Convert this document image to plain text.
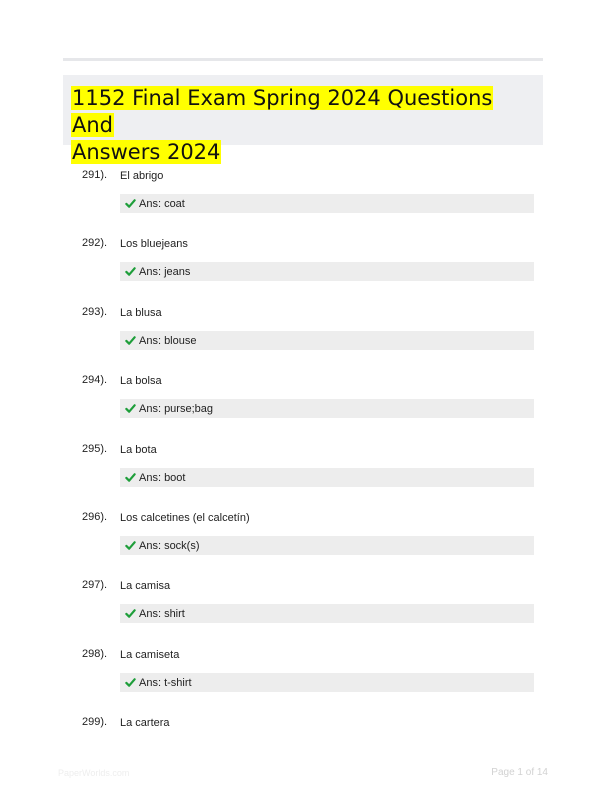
1152 Final Exam Spring 2024 Questions And
Answers 2024
291). El abrigo
Ans: coat
292). Los bluejeans
Ans: jeans
293). La blusa
Ans: blouse
294). La bolsa
Ans: purse;bag
295). La bota
Ans: boot
296). Los calcetines (el calcetín)
Ans: sock(s)
297). La camisa
Ans: shirt
298). La camiseta
Ans: t-shirt
299). La cartera
PaperWorlds.com	Page 1 of 14
